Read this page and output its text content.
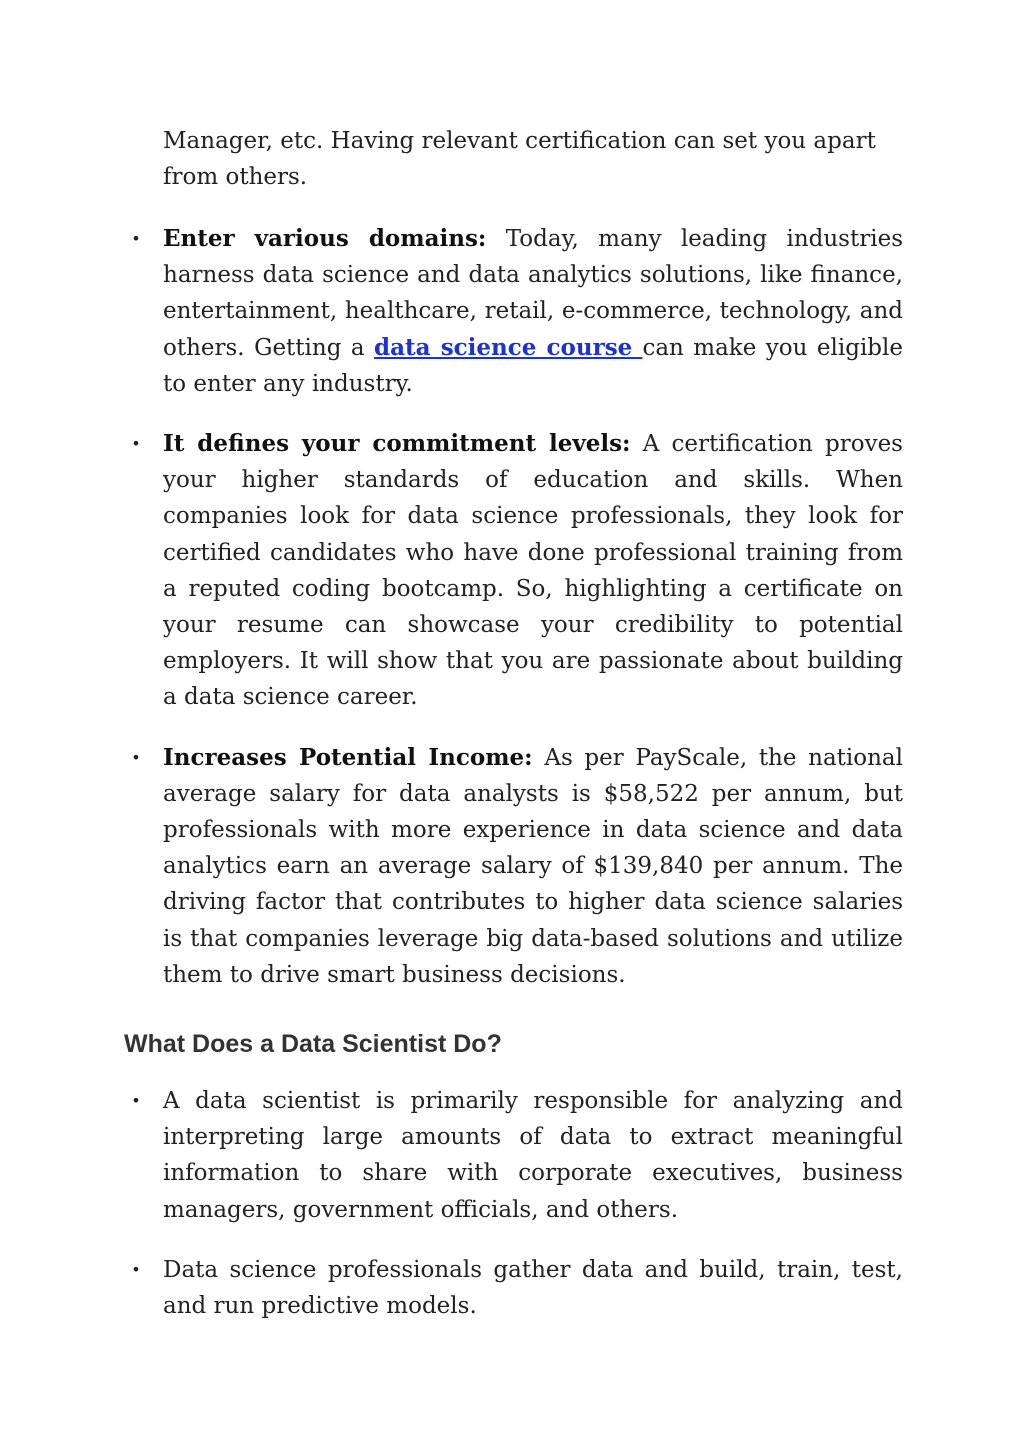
Manager, etc. Having relevant certification can set you apart from others.

• Enter various domains: Today, many leading industries harness data science and data analytics solutions, like finance, entertainment, healthcare, retail, e-commerce, technology, and others. Getting a data science course can make you eligible to enter any industry.
• It defines your commitment levels: A certification proves your higher standards of education and skills. When companies look for data science professionals, they look for certified candidates who have done professional training from a reputed coding bootcamp. So, highlighting a certificate on your resume can showcase your credibility to potential employers. It will show that you are passionate about building a data science career.
• Increases Potential Income: As per PayScale, the national average salary for data analysts is $58,522 per annum, but professionals with more experience in data science and data analytics earn an average salary of $139,840 per annum. The driving factor that contributes to higher data science salaries is that companies leverage big data-based solutions and utilize them to drive smart business decisions.
What Does a Data Scientist Do?
• A data scientist is primarily responsible for analyzing and interpreting large amounts of data to extract meaningful information to share with corporate executives, business managers, government officials, and others.
• Data science professionals gather data and build, train, test, and run predictive models.
